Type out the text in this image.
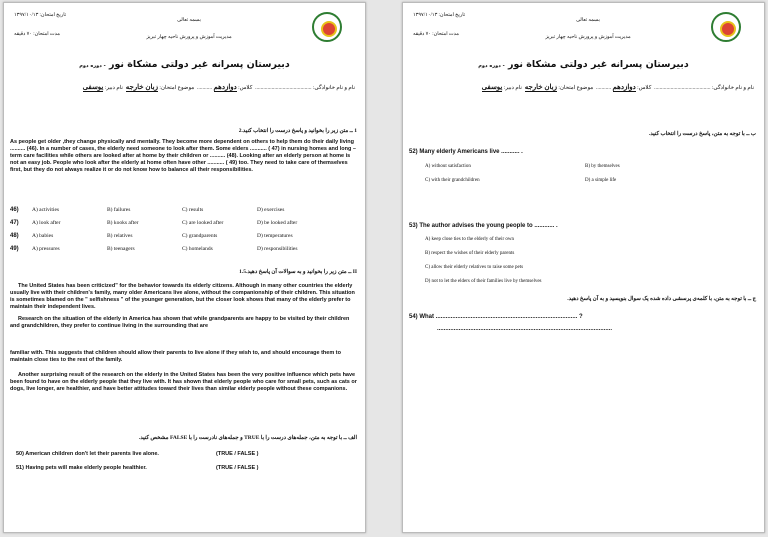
تاریخ امتحان: ۱۳۹۷/۱۰/۱۳
مدت امتحان: ۷۰ دقیقه
بسمه تعالی
مدیریت آموزش و پرورش ناحیه چهار تبریز
دبیرستان پسرانه غیر دولتی مشکاة نور - دوره دوم
نام و نام خانوادگی: .........................................  کلاس: دوازدهم ...........  موضوع امتحان: زبان خارجه  نام دبیر: یوسفی
1 ــ متن زیر را بخوانید و پاسخ درست را انتخاب کنید.2

As people get older ,they change physically and mentally. They become more dependent on others to help them do their daily living .......... (46). In a number of cases, the elderly need someone to look after them. Some elders ........... ( 47) in nursing homes and long – term care facilities while others are looked after at home by their children or .......... (48). Looking after an elderly person at home is not an easy job. People who look after the elderly at home often have other ........... ( 49) too. They need to take care of themselves first, but they do not always realize it or do not know how to balance all their responsibilities.

46)	A) activities	B) failures	C) results	D) exercises
47)	A) look after	B) kooks after	C) are looked after	D) be looked after
48)	A) babies	B) relatives	C) grandparents	D) temperatures
49)	A) pressures	B) teenagers	C) homelands	D) responsibilities
II ــ متن زیر را بخوانید و به سوالات آن پاسخ دهید.1.5

The United States has been criticized" for the behavior towards its elderly citizens. Although in many other countries the elderly usually live with their children's family, many older Americans live alone, without the companionship of their children. This situation is sometimes blamed on the " selfishness " of the younger generation, but the closer look shows that many of the elderly prefer to maintain their independent lives.

Research on the situation of the elderly in America has shown that while grandparents are happy to be visited by their children and grandchildren, they prefer to continue living in the surrounding that are

familiar with. This suggests that children should allow their parents to live alone if they wish to, and should encourage them to maintain close ties to the rest of the family.

Another surprising result of the research on the elderly in the United States has been the very positive influence which pets have been found to have on the elderly people that they live with. It has shown that elderly people who care for small pets, such as cats or dogs, live longer, are healthier, and have better attitudes toward their lives than similar elderly people without these companions.

الف ــ با توجه به متن، جمله‌های درست را با TRUE و جمله‌های نادرست را با FALSE مشخص کنید.
50) American children don't let their parents live alone.	(TRUE / FALSE )
51) Having pets will make elderly people healthier.	(TRUE / FALSE )
تاریخ امتحان: ۱۳۹۷/۱۰/۱۳
مدت امتحان: ۷۰ دقیقه
بسمه تعالی
مدیریت آموزش و پرورش ناحیه چهار تبریز
دبیرستان پسرانه غیر دولتی مشکاة نور - دوره دوم
نام و نام خانوادگی: .........................................  کلاس: دوازدهم ...........  موضوع امتحان: زبان خارجه  نام دبیر: یوسفی
ب ــ با توجه به متن، پاسخ درست را انتخاب کنید.
52) Many elderly Americans live ........... .
A) without satisfaction	B) by themselves
C) with their grandchildren	D) a simple life
53) The author advises the young people to ............ .
A) keep close ties to the elderly of their own
B) respect the wishes of their elderly parents
C) allow their elderly relatives to raise some pets
D) not to let the elders of their families live by themselves
ج ــ با توجه به متن، با کلمه‌ی پرسشی داده شده یک سوال بنویسید و به آن پاسخ دهید.
54) What ..................................................................................... ?
.........................................................................................................
